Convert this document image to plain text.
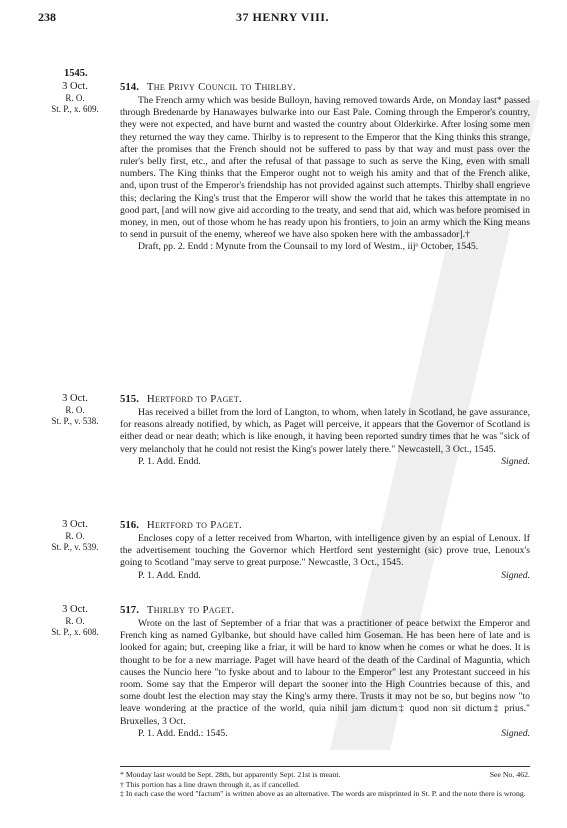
238	37 HENRY VIII.
1545.
3 Oct.
R. O.
St. P., x. 609.
514. The Privy Council to Thirlby.

The French army which was beside Bulloyn, having removed towards Arde, on Monday last* passed through Bredenarde by Hanawayes bulwarke into our East Pale. Coming through the Emperor's country, they were not expected, and have burnt and wasted the country about Olderkirke. After losing some men they returned the way they came. Thirlby is to represent to the Emperor that the King thinks this strange, after the promises that the French should not be suffered to pass by that way and must pass over the ruler's belly first, etc., and after the refusal of that passage to such as serve the King, even with small numbers. The King thinks that the Emperor ought not to weigh his amity and that of the French alike, and, upon trust of the Emperor's friendship has not provided against such attempts. Thirlby shall engrieve this; declaring the King's trust that the Emperor will show the world that he takes this attemptate in no good part, [and will now give aid according to the treaty, and send that aid, which was before promised in money, in men, out of those whom he has ready upon his frontiers, to join an army which the King means to send in pursuit of the enemy, whereof we have also spoken here with the ambassador].†

Draft, pp. 2. Endd : Mynute from the Counsail to my lord of Westm., iijᵒ October, 1545.

3 Oct.
R. O.
St. P., v. 538.
515. Hertford to Paget.

Has received a billet from the lord of Langton, to whom, when lately in Scotland, he gave assurance, for reasons already notified, by which, as Paget will perceive, it appears that the Governor of Scotland is either dead or near death; which is like enough, it having been reported sundry times that he was "sick of very melancholy that he could not resist the King's power lately there." Newcastell, 3 Oct., 1545.

Signed.
P. 1. Add. Endd.

3 Oct.
R. O.
St. P., v. 539.
516. Hertford to Paget.

Encloses copy of a letter received from Wharton, with intelligence given by an espial of Lenoux. If the advertisement touching the Governor which Hertford sent yesternight (sic) prove true, Lenoux's going to Scotland "may serve to great purpose." Newcastle, 3 Oct., 1545.

Signed.
P. 1. Add. Endd.

3 Oct.
R. O.
St. P., x. 608.
517. Thirlby to Paget.

Wrote on the last of September of a friar that was a practitioner of peace betwixt the Emperor and French king as named Gylbanke, but should have called him Goseman. He has been here of late and is looked for again; but, creeping like a friar, it will be hard to know when he comes or what he does. It is thought to be for a new marriage. Paget will have heard of the death of the Cardinal of Maguntia, which causes the Nuncio here "to fyske about and to labour to the Emperor" lest any Protestant succeed in his room. Some say that the Emperor will depart the sooner into the High Countries because of this, and some doubt lest the election may stay the King's army there. Trusts it may not be so, but begins now "to leave wondering at the practice of the world, quia nihil jam dictum‡ quod non sit dictum‡ prius." Bruxelles, 3 Oct.

Signed.
P. 1. Add. Endd.: 1545.

See No. 462.
* Monday last would be Sept. 28th, but apparently Sept. 21st is meant.

† This portion has a line drawn through it, as if cancelled.

‡ In each case the word "factum" is written above as an alternative. The words are misprinted in St. P. and the note there is wrong.
